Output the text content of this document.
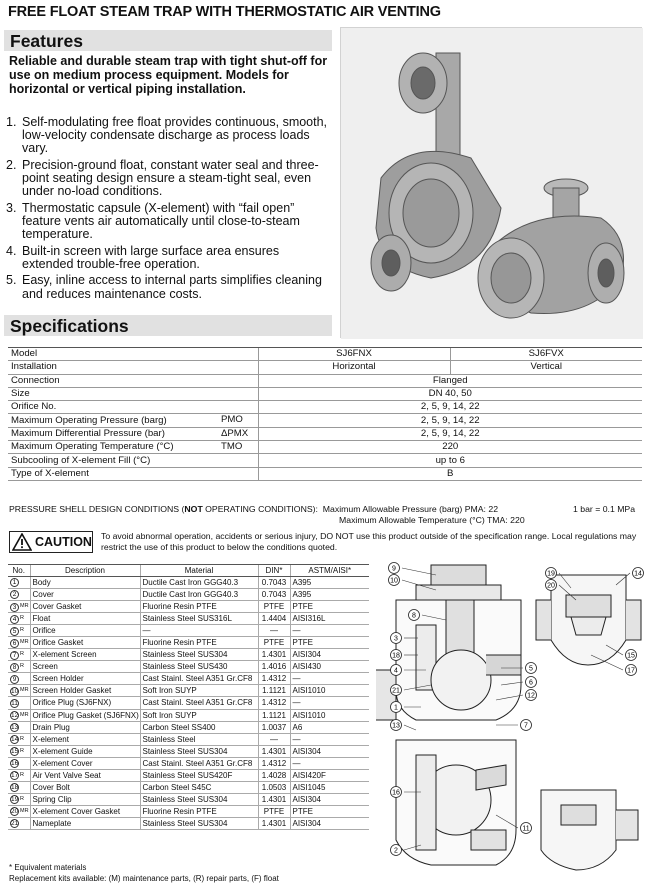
FREE FLOAT STEAM TRAP WITH THERMOSTATIC AIR VENTING
Features
Reliable and durable steam trap with tight shut-off for use on medium process equipment. Models for horizontal or vertical piping installation.
1. Self-modulating free float provides continuous, smooth, low-velocity condensate discharge as process loads vary.
2. Precision-ground float, constant water seal and three-point seating design ensure a steam-tight seal, even under no-load conditions.
3. Thermostatic capsule (X-element) with “fail open” feature vents air automatically until close-to-steam temperature.
4. Built-in screen with large surface area ensures extended trouble-free operation.
5. Easy, inline access to internal parts simplifies cleaning and reduces maintenance costs.
Specifications
Model	SJ6FNX	SJ6FVX
Installation	Horizontal	Vertical
Connection	Flanged	
Size	DN 40, 50	
Orifice No.	2, 5, 9, 14, 22	
Maximum Operating Pressure (barg) PMO	2, 5, 9, 14, 22	
Maximum Differential Pressure (bar) ΔPMX	2, 5, 9, 14, 22	
Maximum Operating Temperature (°C) TMO	220	
Subcooling of X-element Fill (°C)	up to 6	
Type of X-element	B	
PRESSURE SHELL DESIGN CONDITIONS (NOT OPERATING CONDITIONS): Maximum Allowable Pressure (barg) PMA: 22
Maximum Allowable Temperature (°C) TMA: 220
1 bar = 0.1 MPa
CAUTION To avoid abnormal operation, accidents or serious injury, DO NOT use this product outside of the specification range. Local regulations may restrict the use of this product to below the conditions quoted.
No.	Description	Material	DIN*	ASTM/AISI*
1	Body	Ductile Cast Iron GGG40.3	0.7043	A395
2	Cover	Ductile Cast Iron GGG40.3	0.7043	A395
3 $^{MR}$	Cover Gasket	Fluorine Resin PTFE	PTFE	PTFE
4 $^R$	Float	Stainless Steel SUS316L	1.4404	AISI316L
5 $^R$	Orifice	—	—	—
6 $^{MR}$	Orifice Gasket	Fluorine Resin PTFE	PTFE	PTFE
7 $^R$	X-element Screen	Stainless Steel SUS304	1.4301	AISI304
8 $^R$	Screen	Stainless Steel SUS430	1.4016	AISI430
9	Screen Holder	Cast Stainl. Steel A351 Gr.CF8	1.4312	—
10 $^{MR}$	Screen Holder Gasket	Soft Iron SUYP	1.1121	AISI1010
11	Orifice Plug (SJ6FNX)	Cast Stainl. Steel A351 Gr.CF8	1.4312	—
12 $^{MR}$	Orifice Plug Gasket (SJ6FNX)	Soft Iron SUYP	1.1121	AISI1010
13	Drain Plug	Carbon Steel SS400	1.0037	A6
14 $^R$	X-element	Stainless Steel	—	—
15 $^R$	X-element Guide	Stainless Steel SUS304	1.4301	AISI304
16	X-element Cover	Cast Stainl. Steel A351 Gr.CF8	1.4312	—
17 $^R$	Air Vent Valve Seat	Stainless Steel SUS420F	1.4028	AISI420F
18	Cover Bolt	Carbon Steel S45C	1.0503	AISI1045
19 $^R$	Spring Clip	Stainless Steel SUS304	1.4301	AISI304
20 $^{MR}$	X-element Cover Gasket	Fluorine Resin PTFE	PTFE	PTFE
21	Nameplate	Stainless Steel SUS304	1.4301	AISI304
* Equivalent materials
Replacement kits available: (M) maintenance parts, (R) repair parts, (F) float
9
10
8
3
18
4
21
1
5
6
12
13	7
14
19
20
15
17
2
16
11
